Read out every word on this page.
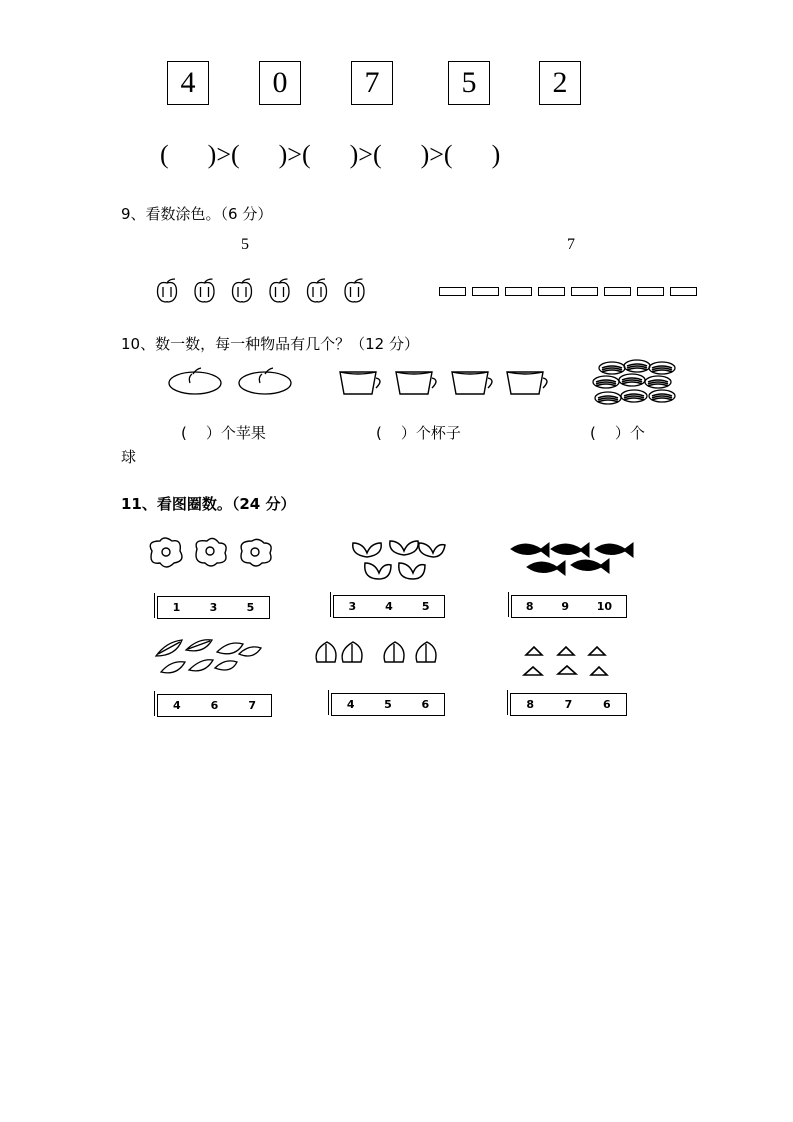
4	0	7	5	2
(      )>(      )>(      )>(      )>(      )
9、看数涂色。（6 分）
5	7
10、数一数，每一种物品有几个？（12 分）
(    ）个苹果	(    ）个杯子	(    ）个
球
11、看图圈数。（24 分）
1	3	5	3	4	5	8	9	10
4	6	7	4	5	6	8	7	6
